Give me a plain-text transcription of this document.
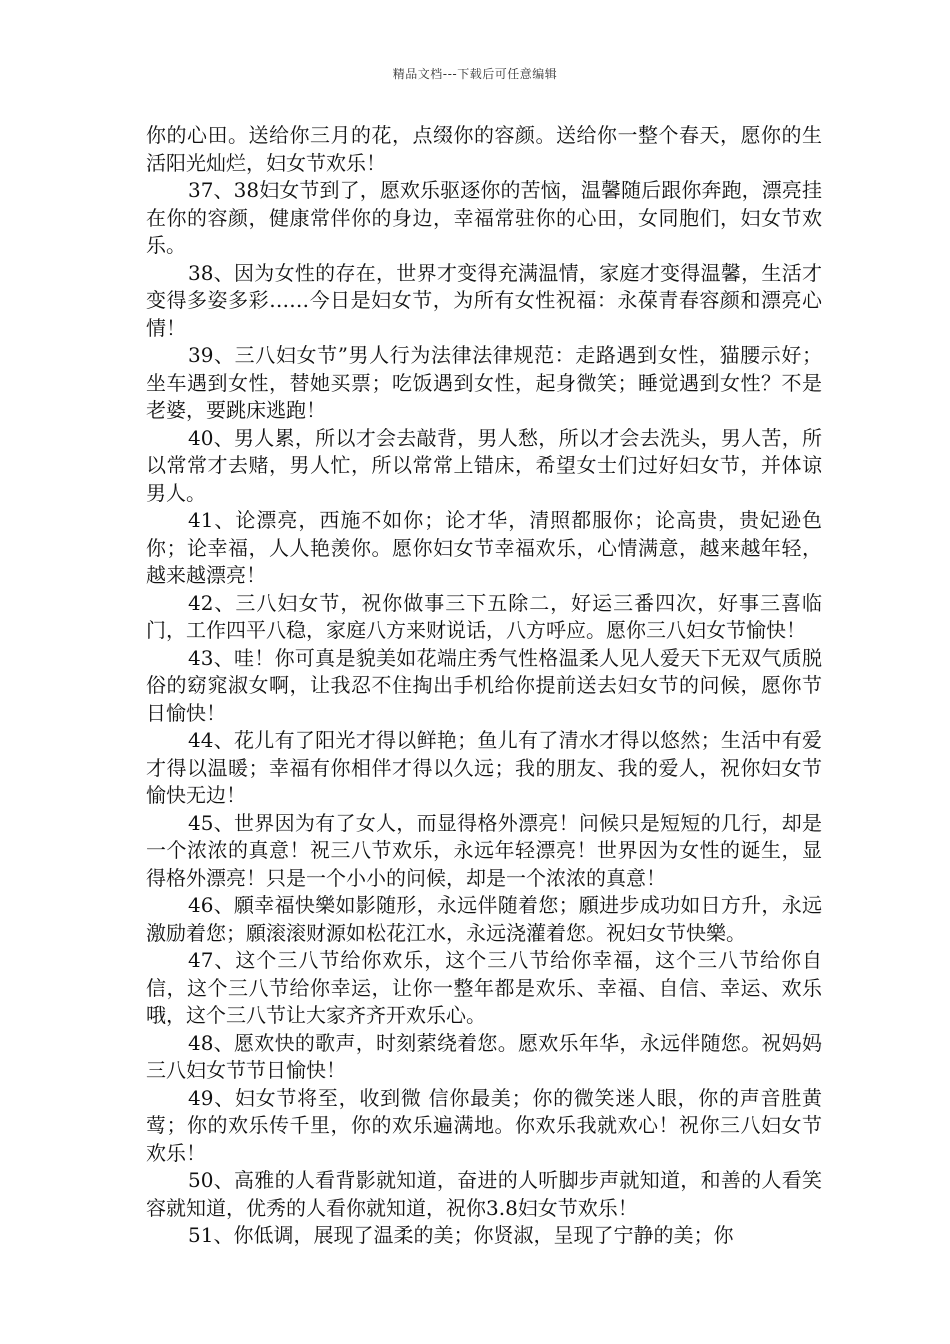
精品文档---下载后可任意编辑

你的心田。送给你三月的花，点缀你的容颜。送给你一整个春天，愿你的生活阳光灿烂，妇女节欢乐！

37、38妇女节到了，愿欢乐驱逐你的苦恼，温馨随后跟你奔跑，漂亮挂在你的容颜，健康常伴你的身边，幸福常驻你的心田，女同胞们，妇女节欢乐。

38、因为女性的存在，世界才变得充满温情，家庭才变得温馨，生活才变得多姿多彩……今日是妇女节，为所有女性祝福：永葆青春容颜和漂亮心情！

39、三八妇女节”男人行为法律法律规范：走路遇到女性，猫腰示好；坐车遇到女性，替她买票；吃饭遇到女性，起身微笑；睡觉遇到女性？不是老婆，要跳床逃跑！

40、男人累，所以才会去敲背，男人愁，所以才会去洗头，男人苦，所以常常才去赌，男人忙，所以常常上错床，希望女士们过好妇女节，并体谅男人。

41、论漂亮，西施不如你；论才华，清照都服你；论高贵，贵妃逊色你；论幸福，人人艳羡你。愿你妇女节幸福欢乐，心情满意，越来越年轻，越来越漂亮！

42、三八妇女节，祝你做事三下五除二，好运三番四次，好事三喜临门，工作四平八稳，家庭八方来财说话，八方呼应。愿你三八妇女节愉快！

43、哇！你可真是貌美如花端庄秀气性格温柔人见人爱天下无双气质脱俗的窈窕淑女啊，让我忍不住掏出手机给你提前送去妇女节的问候，愿你节日愉快！

44、花儿有了阳光才得以鲜艳；鱼儿有了清水才得以悠然；生活中有爱才得以温暖；幸福有你相伴才得以久远；我的朋友、我的爱人，祝你妇女节愉快无边！

45、世界因为有了女人，而显得格外漂亮！问候只是短短的几行，却是一个浓浓的真意！祝三八节欢乐，永远年轻漂亮！世界因为女性的诞生，显得格外漂亮！只是一个小小的问候，却是一个浓浓的真意！

46、願幸福快樂如影随形，永远伴随着您；願进步成功如日方升，永远激励着您；願滚滚财源如松花江水，永远浇灌着您。祝妇女节快樂。

47、这个三八节给你欢乐，这个三八节给你幸福，这个三八节给你自信，这个三八节给你幸运，让你一整年都是欢乐、幸福、自信、幸运、欢乐哦，这个三八节让大家齐齐开欢乐心。

48、愿欢快的歌声，时刻萦绕着您。愿欢乐年华，永远伴随您。祝妈妈三八妇女节节日愉快！

49、妇女节将至，收到微 信你最美；你的微笑迷人眼，你的声音胜黄莺；你的欢乐传千里，你的欢乐遍满地。你欢乐我就欢心！祝你三八妇女节欢乐！

50、高雅的人看背影就知道，奋进的人听脚步声就知道，和善的人看笑容就知道，优秀的人看你就知道，祝你3.8妇女节欢乐！

51、你低调，展现了温柔的美；你贤淑，呈现了宁静的美；你
